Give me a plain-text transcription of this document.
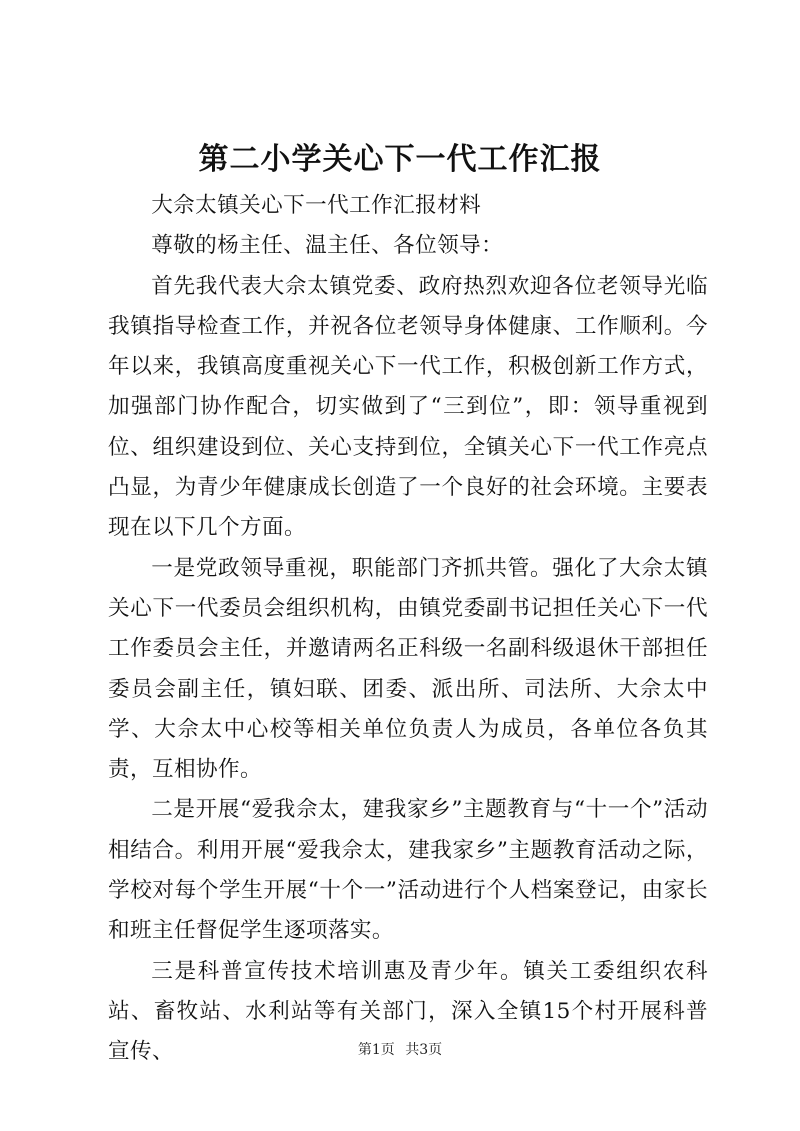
第二小学关心下一代工作汇报

大佘太镇关心下一代工作汇报材料

尊敬的杨主任、温主任、各位领导：

首先我代表大佘太镇党委、政府热烈欢迎各位老领导光临我镇指导检查工作，并祝各位老领导身体健康、工作顺利。今年以来，我镇高度重视关心下一代工作，积极创新工作方式，加强部门协作配合，切实做到了“三到位”，即：领导重视到位、组织建设到位、关心支持到位，全镇关心下一代工作亮点凸显，为青少年健康成长创造了一个良好的社会环境。主要表现在以下几个方面。

一是党政领导重视，职能部门齐抓共管。强化了大佘太镇关心下一代委员会组织机构，由镇党委副书记担任关心下一代工作委员会主任，并邀请两名正科级一名副科级退休干部担任委员会副主任，镇妇联、团委、派出所、司法所、大佘太中学、大佘太中心校等相关单位负责人为成员，各单位各负其责，互相协作。

二是开展“爱我佘太，建我家乡”主题教育与“十一个”活动相结合。利用开展“爱我佘太，建我家乡”主题教育活动之际，学校对每个学生开展“十个一”活动进行个人档案登记，由家长和班主任督促学生逐项落实。

三是科普宣传技术培训惠及青少年。镇关工委组织农科站、畜牧站、水利站等有关部门，深入全镇15个村开展科普宣传、	第1页 共3页
